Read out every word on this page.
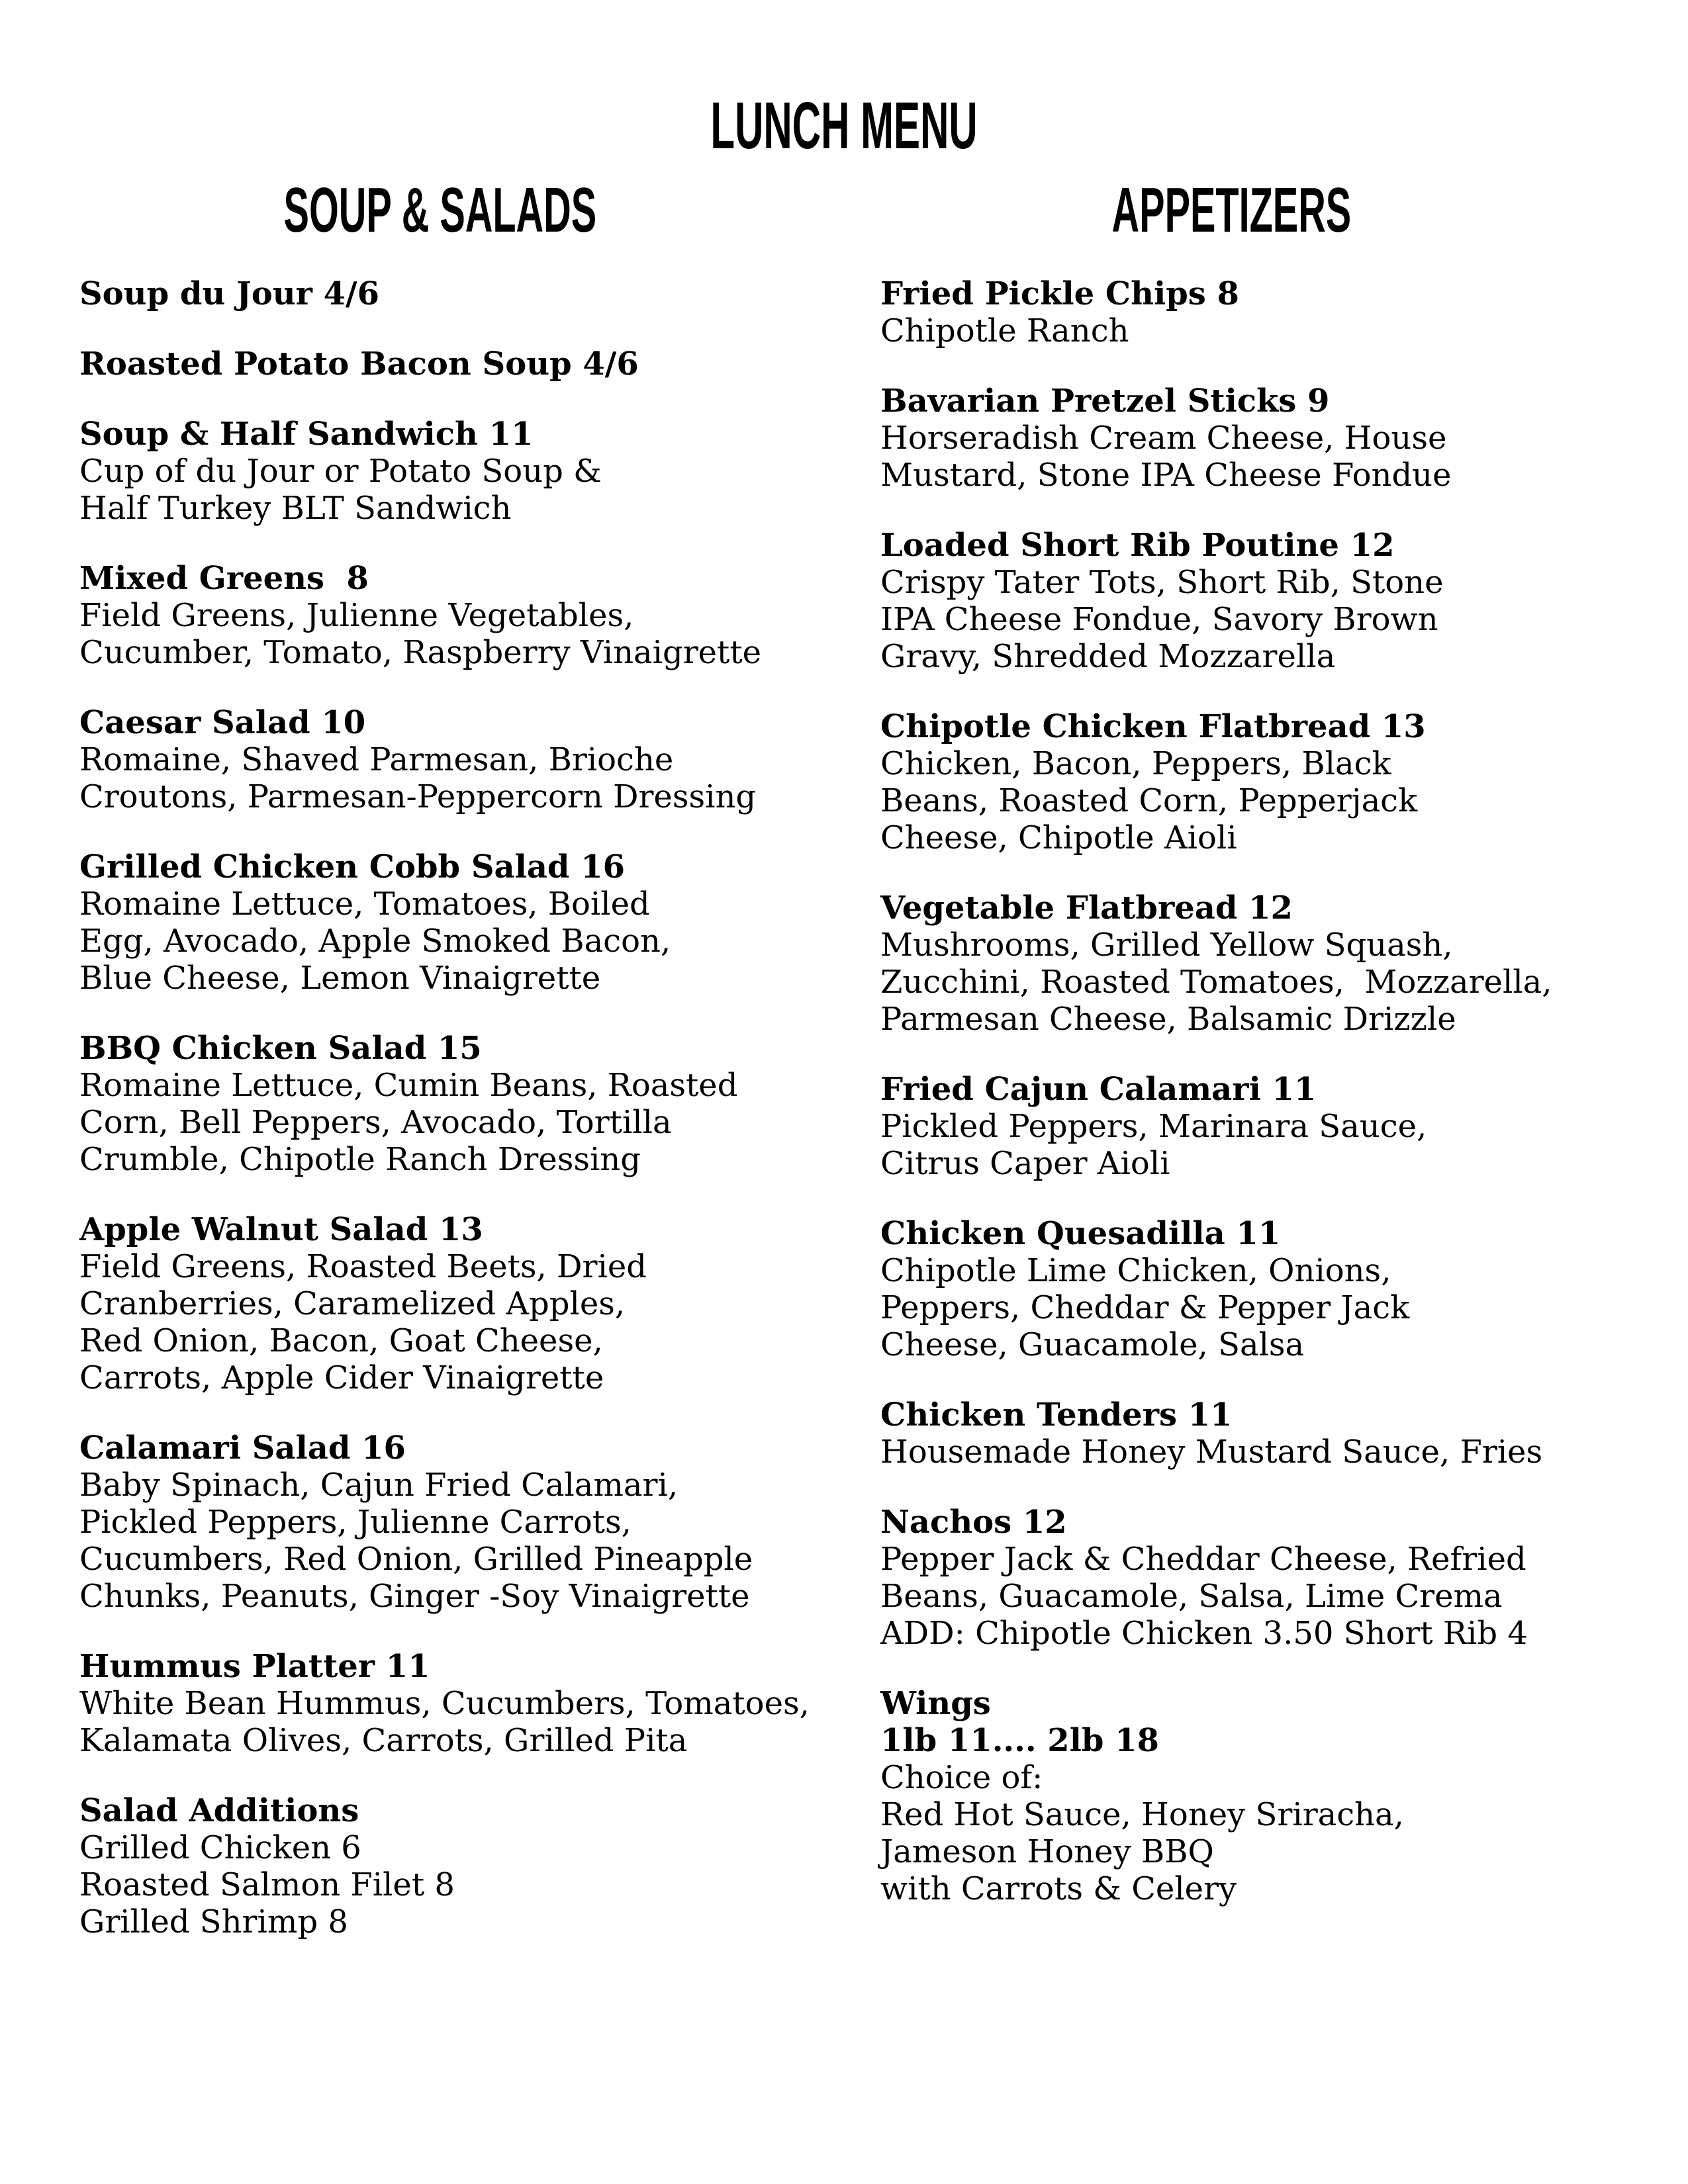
LUNCH MENU
SOUP & SALADS
Soup du Jour 4/6
Roasted Potato Bacon Soup 4/6
Soup & Half Sandwich 11
Cup of du Jour or Potato Soup &
Half Turkey BLT Sandwich
Mixed Greens  8
Field Greens, Julienne Vegetables,
Cucumber, Tomato, Raspberry Vinaigrette
Caesar Salad 10
Romaine, Shaved Parmesan, Brioche
Croutons, Parmesan-Peppercorn Dressing
Grilled Chicken Cobb Salad 16
Romaine Lettuce, Tomatoes, Boiled
Egg, Avocado, Apple Smoked Bacon,
Blue Cheese, Lemon Vinaigrette
BBQ Chicken Salad 15
Romaine Lettuce, Cumin Beans, Roasted
Corn, Bell Peppers, Avocado, Tortilla
Crumble, Chipotle Ranch Dressing
Apple Walnut Salad 13
Field Greens, Roasted Beets, Dried
Cranberries, Caramelized Apples,
Red Onion, Bacon, Goat Cheese,
Carrots, Apple Cider Vinaigrette
Calamari Salad 16
Baby Spinach, Cajun Fried Calamari,
Pickled Peppers, Julienne Carrots,
Cucumbers, Red Onion, Grilled Pineapple
Chunks, Peanuts, Ginger -Soy Vinaigrette
Hummus Platter 11
White Bean Hummus, Cucumbers, Tomatoes,
Kalamata Olives, Carrots, Grilled Pita
Salad Additions
Grilled Chicken 6
Roasted Salmon Filet 8
Grilled Shrimp 8
APPETIZERS
Fried Pickle Chips 8
Chipotle Ranch
Bavarian Pretzel Sticks 9
Horseradish Cream Cheese, House
Mustard, Stone IPA Cheese Fondue
Loaded Short Rib Poutine 12
Crispy Tater Tots, Short Rib, Stone
IPA Cheese Fondue, Savory Brown
Gravy, Shredded Mozzarella
Chipotle Chicken Flatbread 13
Chicken, Bacon, Peppers, Black
Beans, Roasted Corn, Pepperjack
Cheese, Chipotle Aioli
Vegetable Flatbread 12
Mushrooms, Grilled Yellow Squash,
Zucchini, Roasted Tomatoes,  Mozzarella,
Parmesan Cheese, Balsamic Drizzle
Fried Cajun Calamari 11
Pickled Peppers, Marinara Sauce,
Citrus Caper Aioli
Chicken Quesadilla 11
Chipotle Lime Chicken, Onions,
Peppers, Cheddar & Pepper Jack
Cheese, Guacamole, Salsa
Chicken Tenders 11
Housemade Honey Mustard Sauce, Fries
Nachos 12
Pepper Jack & Cheddar Cheese, Refried
Beans, Guacamole, Salsa, Lime Crema
ADD: Chipotle Chicken 3.50 Short Rib 4
Wings
1lb 11.... 2lb 18
Choice of:
Red Hot Sauce, Honey Sriracha,
Jameson Honey BBQ
with Carrots & Celery
